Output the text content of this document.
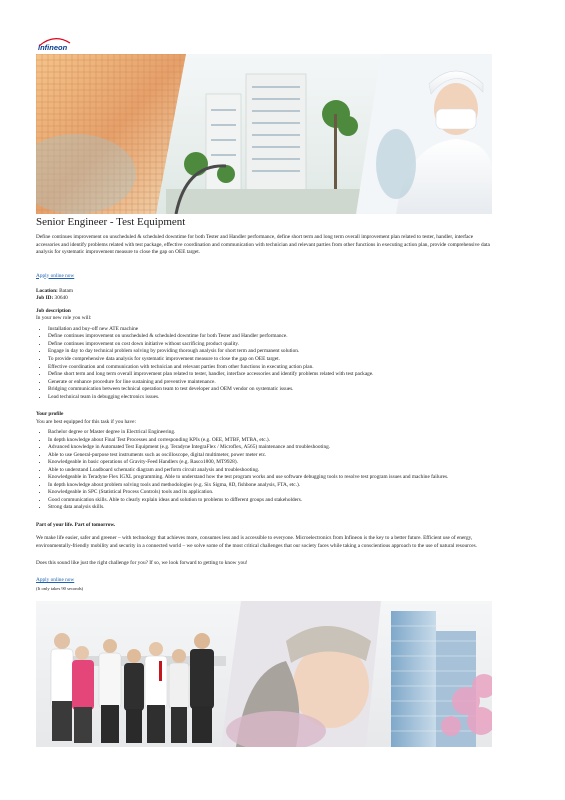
infineon
Senior Engineer - Test Equipment

Define continues improvement on unscheduled & scheduled downtime for both Tester and Handler performance, define short term and long term overall improvement plan related to tester, handler, interface accessories and identify problems related with test package, effective coordination and communication with technician and relevant parties from other functions in executing action plan, provide comprehensive data analysis for systematic improvement measure to close the gap on OEE target.

Apply online now

Location: Batam

Job ID: 30640

Job description

In your new role you will:

• Installation and buy-off new ATE machine
• Define continues improvement on unscheduled & scheduled downtime for both Tester and Handler performance.
• Define continues improvement on cost down initiative without sacrificing product quality.
• Engage in day to day technical problem solving by providing thorough analysis for short term and permanent solution.
• To provide comprehensive data analysis for systematic improvement measure to close the gap on OEE target.
• Effective coordination and communication with technician and relevant parties from other functions in executing action plan.
• Define short term and long term overall improvement plan related to tester, handler, interface accessories and identify problems related with test package.
• Generate or enhance procedure for line sustaining and preventive maintenance.
• Bridging communication between technical operation team to test developer and OEM vendor on systematic issues.
• Lead technical team in debugging electronics issues.

Your profile

You are best equipped for this task if you have:

• Bachelor degree or Master degree in Electrical Engineering.
• In depth knowledge about Final Test Processes and corresponding KPIs (e.g. OEE, MTBF, MTBA, etc.).
• Advanced knowledge in Automated Test Equipment (e.g. Teradyne IntegraFlex / Microflex, A565) maintenance and troubleshooting.
• Able to use General-purpose test instruments such as oscilloscope, digital multimeter, power meter etc.
• Knowledgeable in basic operations of Gravity-Feed Handlers (e.g. Rasco1800, MT9928).
• Able to understand Loadboard schematic diagram and perform circuit analysis and troubleshooting.
• Knowledgeable in Teradyne Flex IGXL programming. Able to understand how the test program works and use software debugging tools to resolve test program issues and machine failures.
• In depth knowledge about problem solving tools and methodologies (e.g. Six Sigma, 8D, fishbone analysis, FTA, etc.).
• Knowledgeable in SPC (Statistical Process Controls) tools and its application.
• Good communication skills. Able to clearly explain ideas and solution to problems to different groups and stakeholders.
• Strong data analysis skills.

Part of your life. Part of tomorrow.

We make life easier, safer and greener – with technology that achieves more, consumes less and is accessible to everyone. Microelectronics from Infineon is the key to a better future. Efficient use of energy, environmentally-friendly mobility and security in a connected world – we solve some of the most critical challenges that our society faces while taking a conscientious approach to the use of natural resources.

Does this sound like just the right challenge for you? If so, we look forward to getting to know you!

Apply online now

(It only takes 90 seconds)
